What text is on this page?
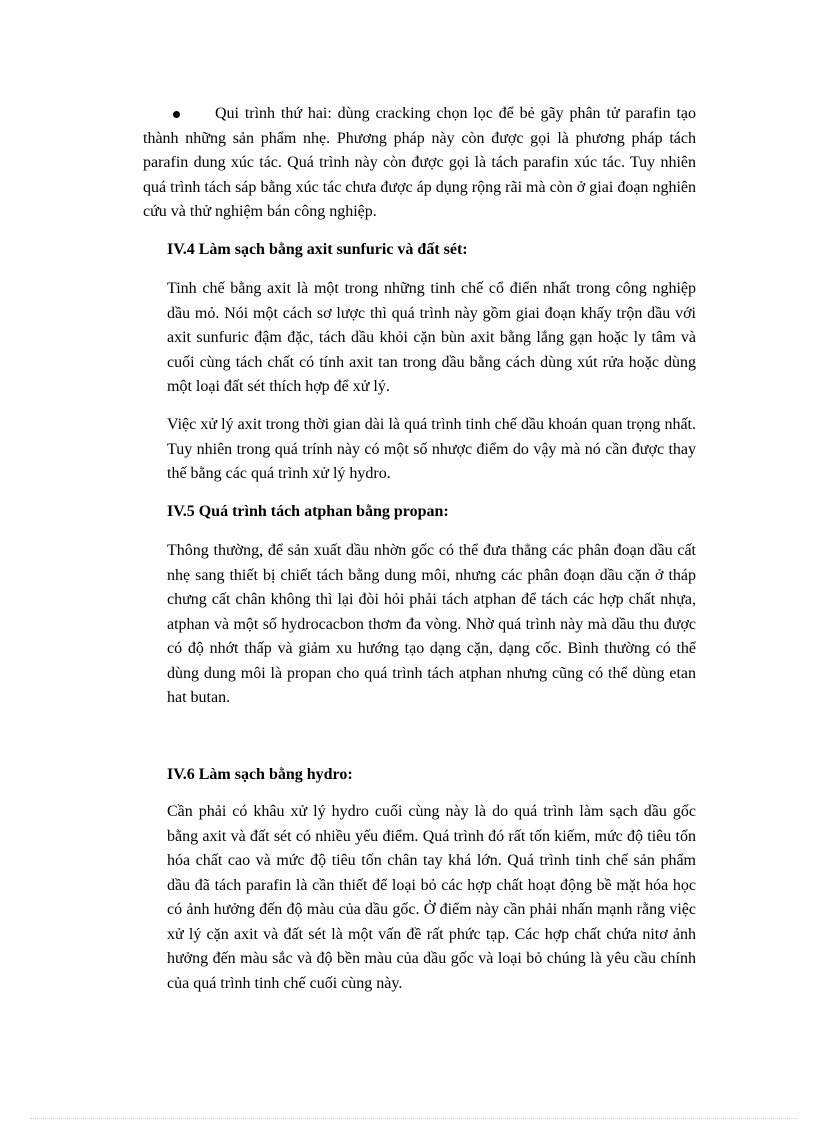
Qui trình thứ hai: dùng cracking chọn lọc để bẻ gãy phân tử parafin tạo thành những sản phẩm nhẹ. Phương pháp này còn được gọi là phương pháp tách parafin dung xúc tác. Quá trình này còn được gọi là tách parafin xúc tác. Tuy nhiên quá trình tách sáp bằng xúc tác chưa được áp dụng rộng rãi mà còn ở giai đoạn nghiên cứu và thử nghiệm bán công nghiệp.

IV.4 Làm sạch bằng axit sunfuric và đất sét:

Tinh chế bằng axit là một trong những tinh chế cổ điển nhất trong công nghiệp dầu mỏ. Nói một cách sơ lược thì quá trình này gồm giai đoạn khấy trộn dầu với axit sunfuric đậm đặc, tách dầu khỏi cặn bùn axit bằng lắng gạn hoặc ly tâm và cuối cùng tách chất có tính axit tan trong dầu bằng cách dùng xút rửa hoặc dùng một loại đất sét thích hợp để xử lý.

Việc xử lý axit trong thời gian dài là quá trình tinh chế dầu khoán quan trọng nhất. Tuy nhiên trong quá trính này có một số nhược điểm do vậy mà nó cần được thay thế bằng các quá trình xử lý hydro.

IV.5 Quá trình tách atphan bằng propan:

Thông thường, để sản xuất dầu nhờn gốc có thể đưa thẳng các phân đoạn dầu cất nhẹ sang thiết bị chiết tách bằng dung môi, nhưng các phân đoạn dầu cặn ở tháp chưng cất chân không thì lại đòi hỏi phải tách atphan để tách các hợp chất nhựa, atphan và một số hydrocacbon thơm đa vòng. Nhờ quá trình này mà dầu thu được có độ nhớt thấp và giảm xu hướng tạo dạng cặn, dạng cốc. Bình thường có thể dùng dung môi là propan cho quá trình tách atphan nhưng cũng có thể dùng etan hat butan.

IV.6 Làm sạch bằng hydro:

Cần phải có khâu xử lý hydro cuối cùng này là do quá trình làm sạch dầu gốc bằng axit và đất sét có nhiều yếu điểm. Quá trình đó rất tốn kiếm, mức độ tiêu tốn hóa chất cao và mức độ tiêu tốn chân tay khá lớn. Quá trình tinh chế sản phẩm dầu đã tách parafin là cần thiết để loại bỏ các hợp chất hoạt động bề mặt hóa học có ảnh hưởng đến độ màu của dầu gốc. Ở điểm này cần phải nhấn mạnh rằng việc xử lý cặn axit và đất sét là một vấn đề rất phức tạp. Các hợp chất chứa nitơ ảnh hưởng đến màu sắc và độ bền màu của dầu gốc và loại bỏ chúng là yêu cầu chính của quá trình tinh chế cuối cùng này.
